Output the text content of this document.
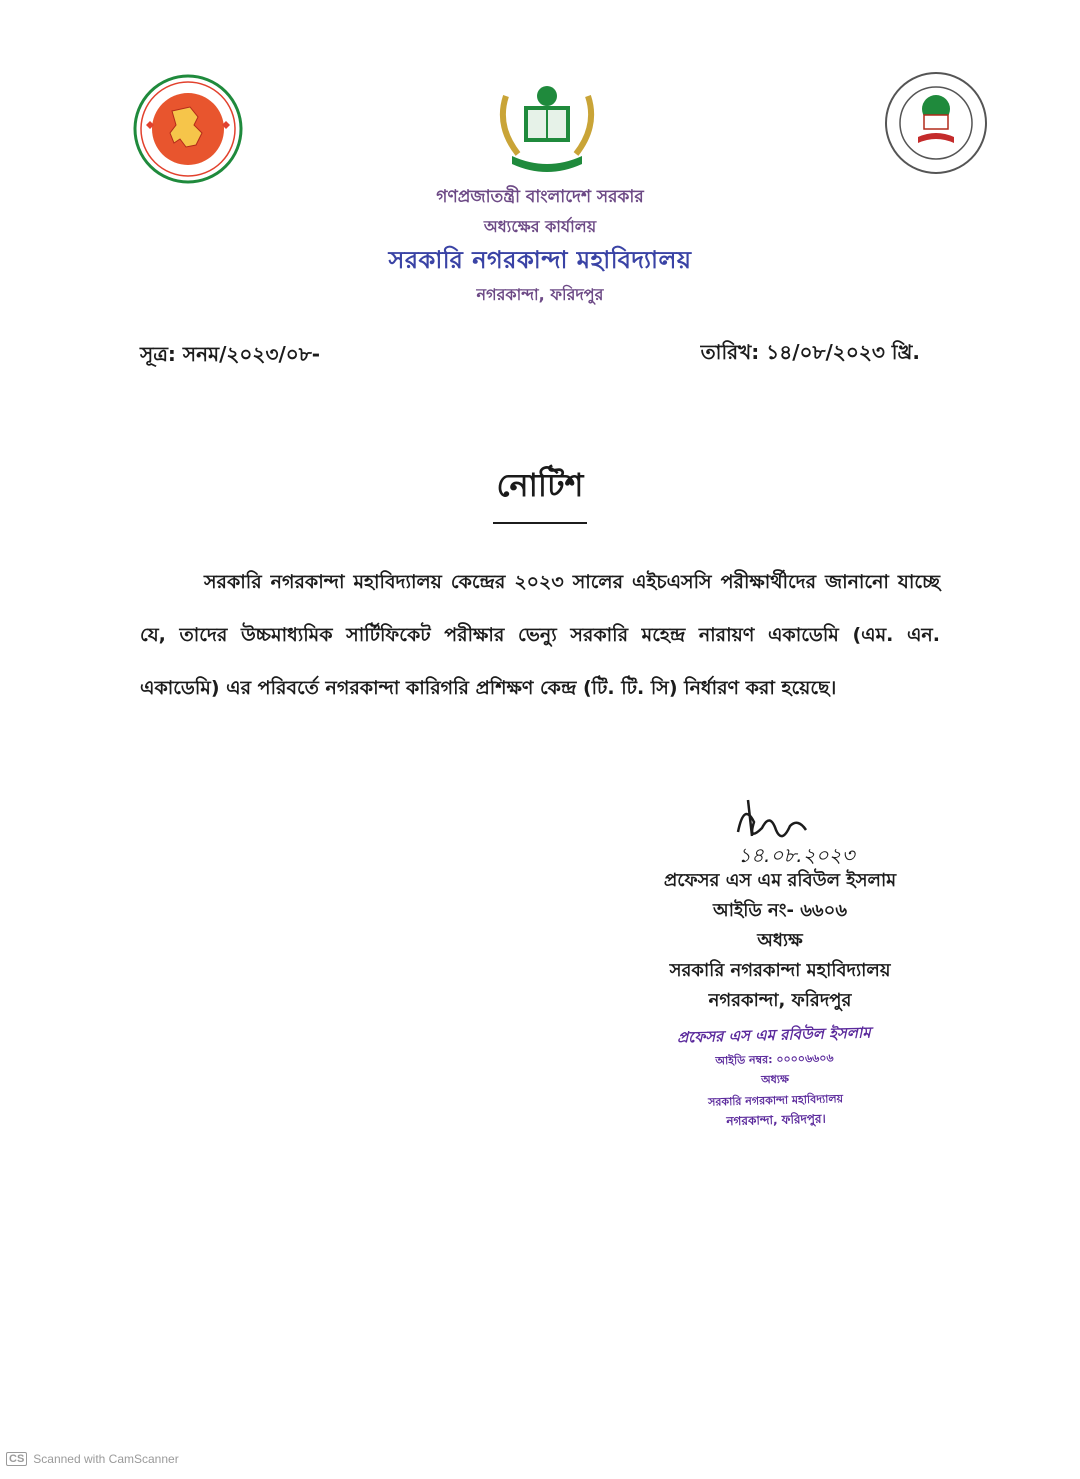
গণপ্রজাতন্ত্রী বাংলাদেশ সরকার
অধ্যক্ষের কার্যালয়
সরকারি নগরকান্দা মহাবিদ্যালয়
নগরকান্দা, ফরিদপুর
সূত্র: সনম/২০২৩/০৮-	তারিখ: ১৪/০৮/২০২৩ খ্রি.
নোটিশ
সরকারি নগরকান্দা মহাবিদ্যালয় কেন্দ্রের ২০২৩ সালের এইচএসসি পরীক্ষার্থীদের জানানো যাচ্ছে যে, তাদের উচ্চমাধ্যমিক সার্টিফিকেট পরীক্ষার ভেন্যু সরকারি মহেন্দ্র নারায়ণ একাডেমি (এম. এন. একাডেমি) এর পরিবর্তে নগরকান্দা কারিগরি প্রশিক্ষণ কেন্দ্র (টি. টি. সি) নির্ধারণ করা হয়েছে।
১৪.০৮.২০২৩
প্রফেসর এস এম রবিউল ইসলাম
আইডি নং- ৬৬০৬
অধ্যক্ষ
সরকারি নগরকান্দা মহাবিদ্যালয়
নগরকান্দা, ফরিদপুর
প্রফেসর এস এম রবিউল ইসলাম
আইডি নম্বর: ০০০০৬৬০৬
অধ্যক্ষ
সরকারি নগরকান্দা মহাবিদ্যালয়
নগরকান্দা, ফরিদপুর।
CS Scanned with CamScanner
